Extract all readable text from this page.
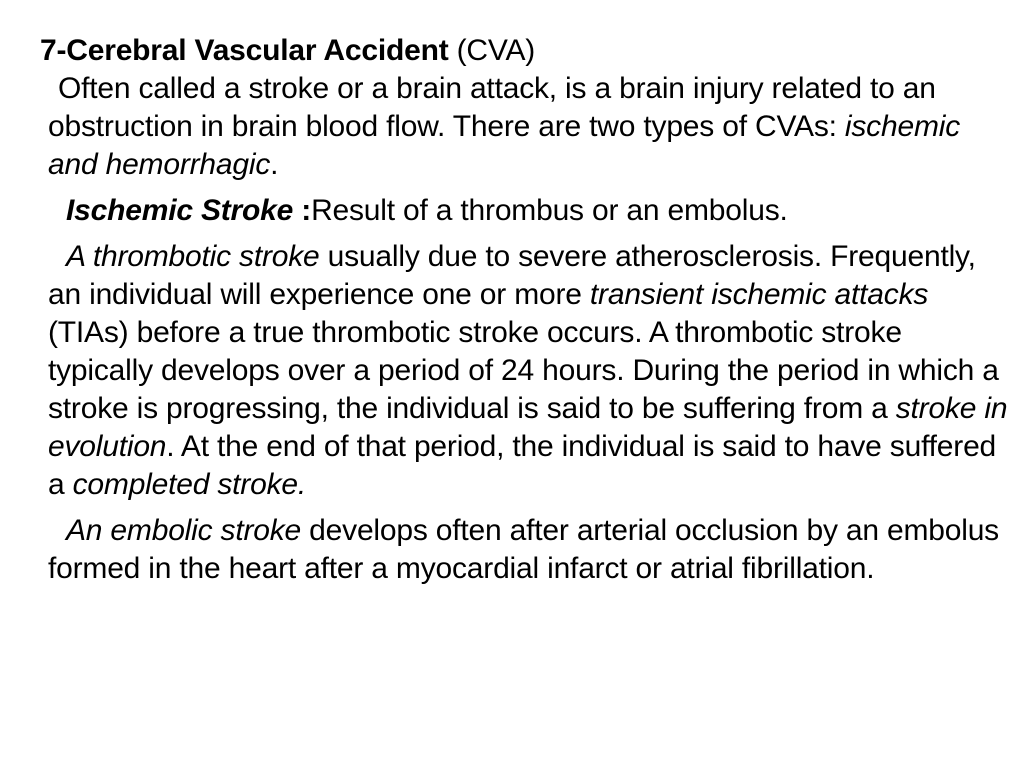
7-Cerebral Vascular Accident (CVA)

Often called a stroke or a brain attack, is a brain injury related to an obstruction in brain blood flow. There are two types of CVAs: ischemic and hemorrhagic.

Ischemic Stroke :Result of a thrombus or an embolus.

A thrombotic stroke usually due to severe atherosclerosis. Frequently, an individual will experience one or more transient ischemic attacks (TIAs) before a true thrombotic stroke occurs. A thrombotic stroke typically develops over a period of 24 hours. During the period in which a stroke is progressing, the individual is said to be suffering from a stroke in evolution. At the end of that period, the individual is said to have suffered a completed stroke.

An embolic stroke develops often after arterial occlusion by an embolus formed in the heart after a myocardial infarct or atrial fibrillation.
